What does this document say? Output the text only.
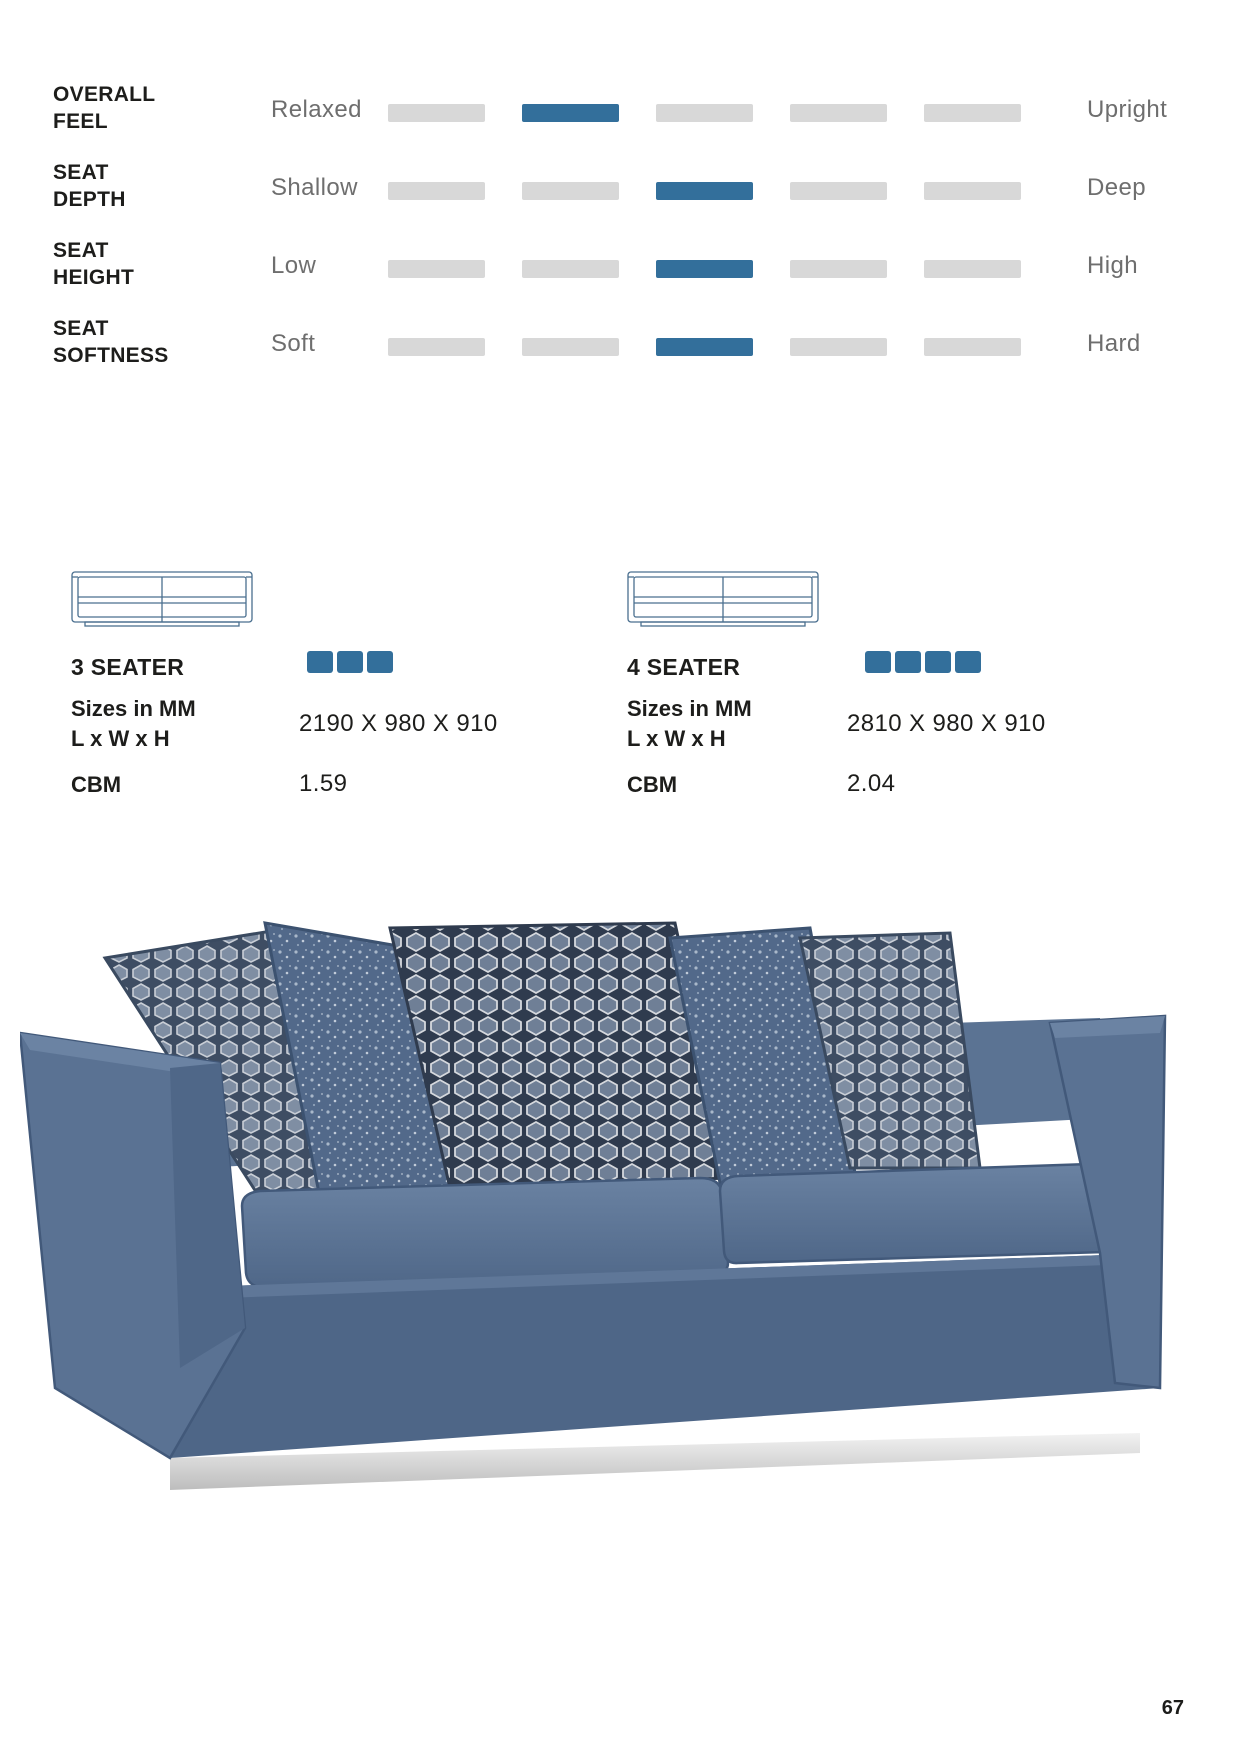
OVERALL
FEEL	Relaxed	Upright
SEAT
DEPTH	Shallow	Deep
SEAT
HEIGHT	Low	High
SEAT
SOFTNESS	Soft	Hard
3 SEATER
Sizes in MM
L x W x H
2190 X 980 X 910
CBM	1.59
4 SEATER
Sizes in MM
L x W x H
2810 X 980 X 910
CBM	2.04
67
